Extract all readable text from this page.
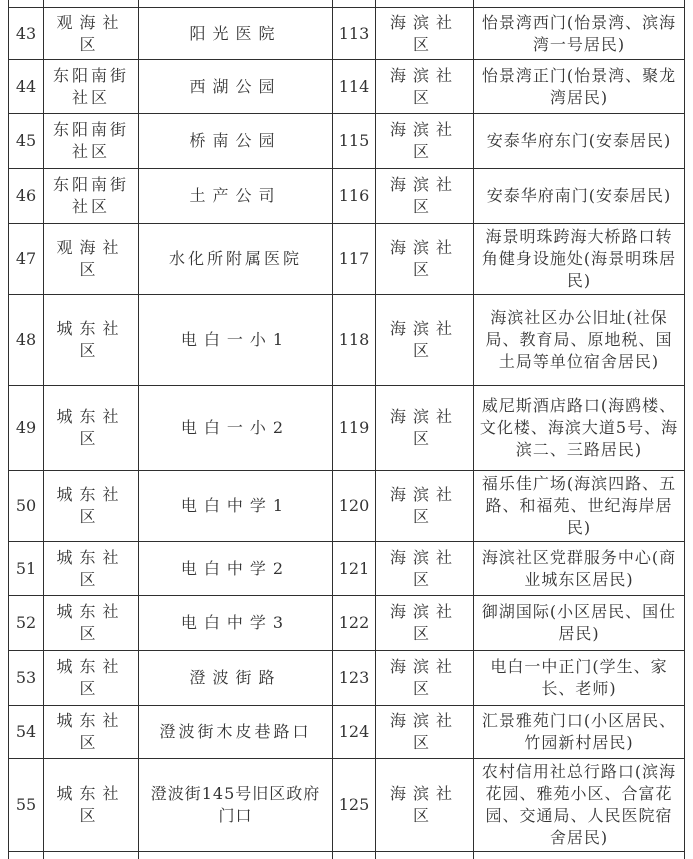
43	观海社区	阳光医院	113	海滨社区	怡景湾西门(怡景湾、滨海湾一号居民)
44	东阳南街社区	西湖公园	114	海滨社区	怡景湾正门(怡景湾、聚龙湾居民)
45	东阳南街社区	桥南公园	115	海滨社区	安泰华府东门(安泰居民)
46	东阳南街社区	土产公司	116	海滨社区	安泰华府南门(安泰居民)
47	观海社区	水化所附属医院	117	海滨社区	海景明珠跨海大桥路口转角健身设施处(海景明珠居民)
48	城东社区	电白一小1	118	海滨社区	海滨社区办公旧址(社保局、教育局、原地税、国土局等单位宿舍居民)
49	城东社区	电白一小2	119	海滨社区	威尼斯酒店路口(海鸥楼、文化楼、海滨大道5号、海滨二、三路居民)
50	城东社区	电白中学1	120	海滨社区	福乐佳广场(海滨四路、五路、和福苑、世纪海岸居民)
51	城东社区	电白中学2	121	海滨社区	海滨社区党群服务中心(商业城东区居民)
52	城东社区	电白中学3	122	海滨社区	御湖国际(小区居民、国仕居民)
53	城东社区	澄波街路	123	海滨社区	电白一中正门(学生、家长、老师)
54	城东社区	澄波街木皮巷路口	124	海滨社区	汇景雅苑门口(小区居民、竹园新村居民)
55	城东社区	澄波街145号旧区政府门口	125	海滨社区	农村信用社总行路口(滨海花园、雅苑小区、合富花园、交通局、人民医院宿舍居民)
